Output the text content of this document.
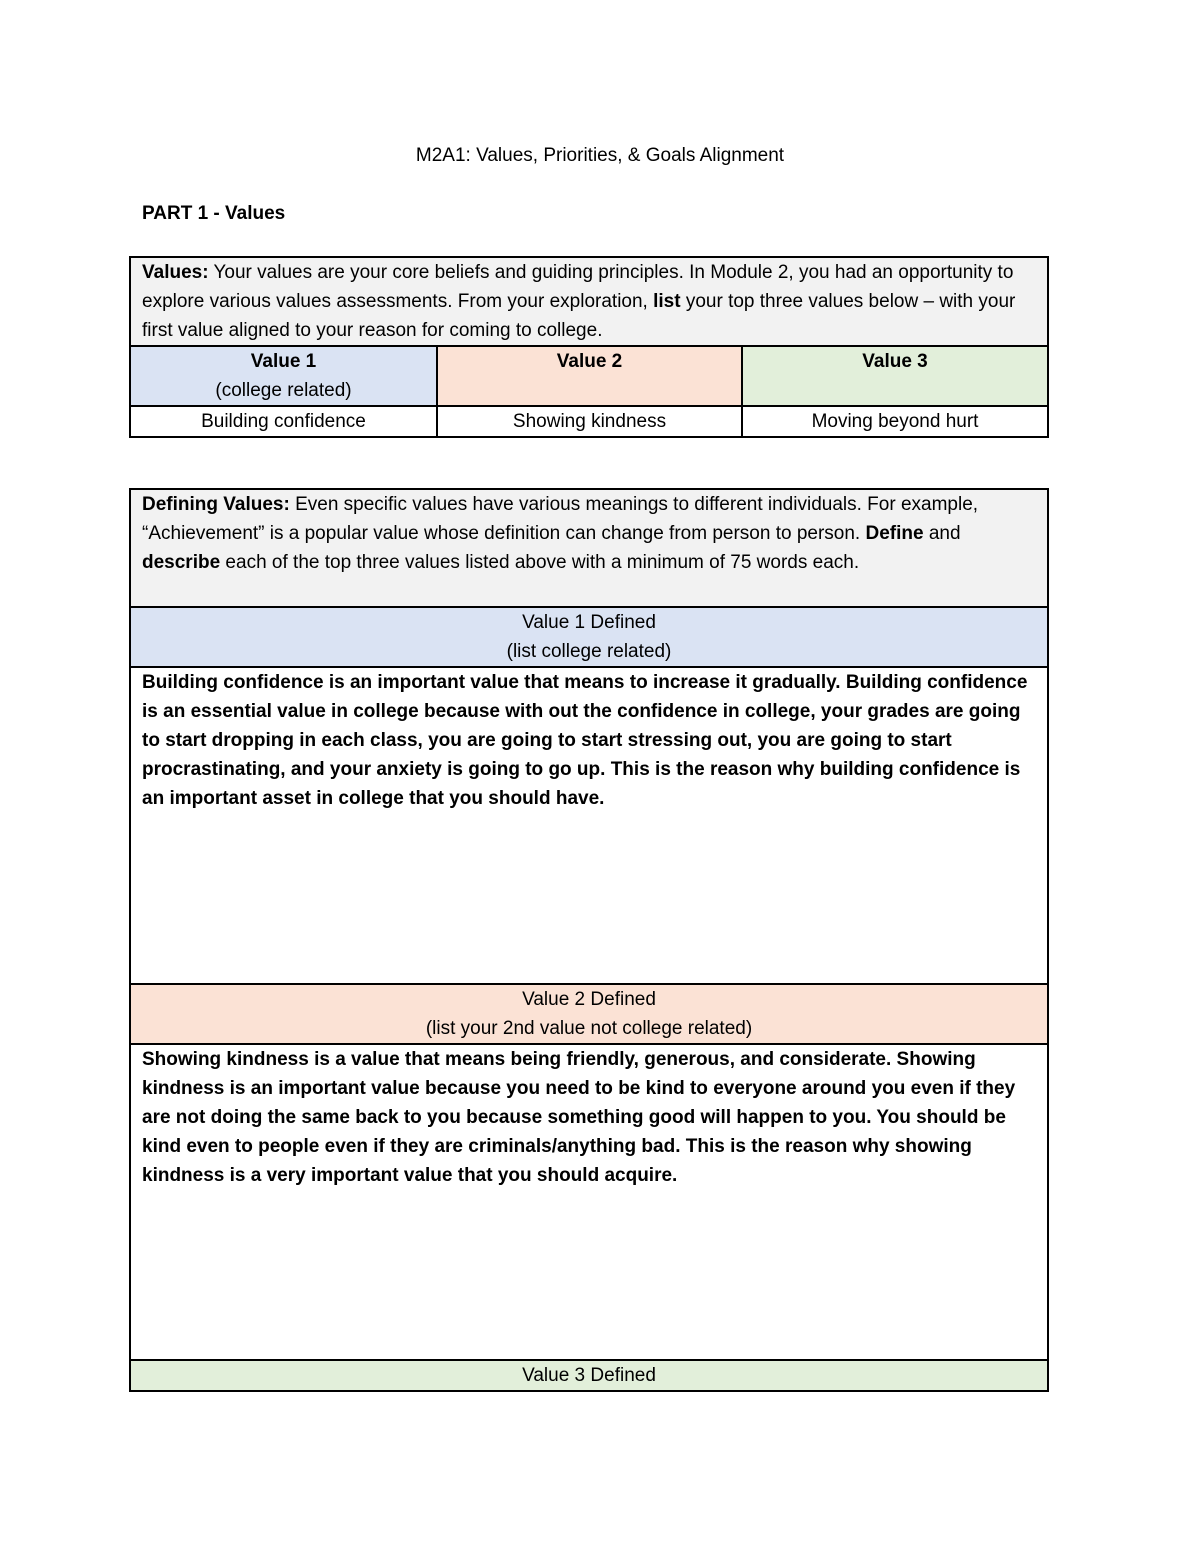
M2A1: Values, Priorities, & Goals Alignment
PART 1 - Values
Values: Your values are your core beliefs and guiding principles. In Module 2, you had an opportunity to explore various values assessments. From your exploration, list your top three values below – with your first value aligned to your reason for coming to college.		

Value 1
(college related)	Value 2	Value 3

Building confidence	Showing kindness	Moving beyond hurt
Defining Values: Even specific values have various meanings to different individuals. For example, “Achievement” is a popular value whose definition can change from person to person. Define and describe each of the top three values listed above with a minimum of 75 words each.

Value 1 Defined
(list college related)

Building confidence is an important value that means to increase it gradually. Building confidence is an essential value in college because with out the confidence in college, your grades are going to start dropping in each class, you are going to start stressing out, you are going to start procrastinating, and your anxiety is going to go up. This is the reason why building confidence is an important asset in college that you should have.

Value 2 Defined
(list your 2nd value not college related)

Showing kindness is a value that means being friendly, generous, and considerate. Showing kindness is an important value because you need to be kind to everyone around you even if they are not doing the same back to you because something good will happen to you. You should be kind even to people even if they are criminals/anything bad. This is the reason why showing kindness is a very important value that you should acquire.

Value 3 Defined
